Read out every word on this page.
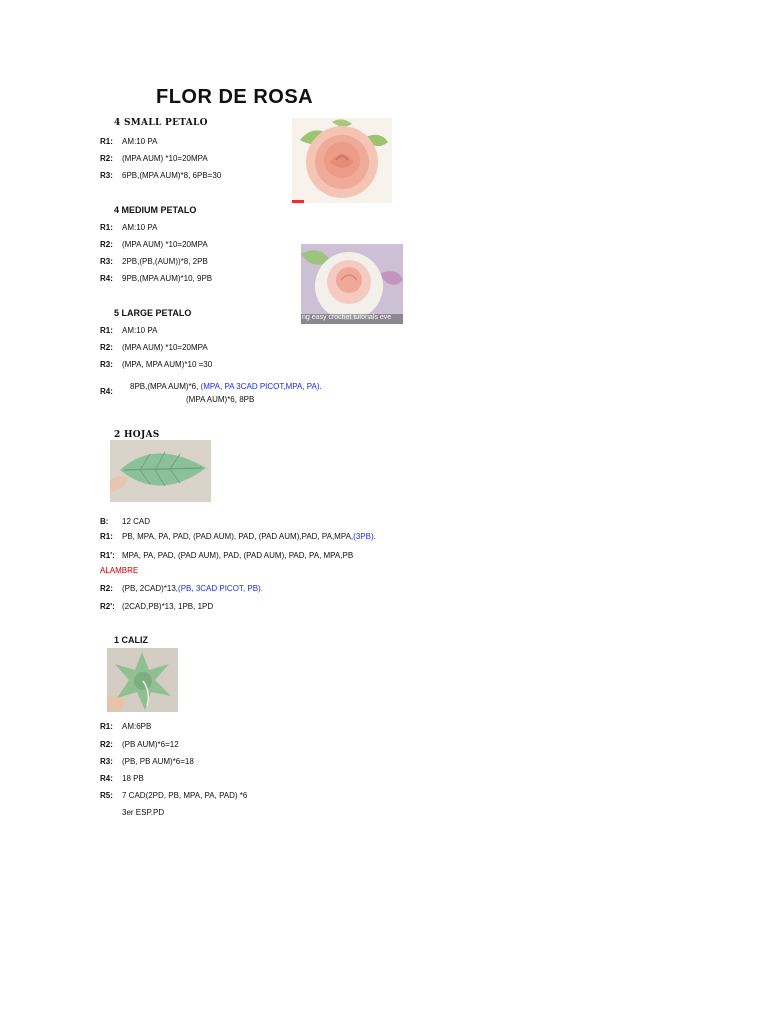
FLOR DE ROSA
4 SMALL PETALO
R1:	AM:10 PA
R2:	(MPA AUM) *10=20MPA
R3:	6PB,(MPA AUM)*8, 6PB=30
4 MEDIUM PETALO
R1:	AM:10 PA
R2:	(MPA AUM) *10=20MPA
R3:	2PB,(PB,(AUM))*8, 2PB
R4:	9PB,(MPA AUM)*10, 9PB
ng easy crochet tutorials eve
5 LARGE PETALO
R1:	AM:10 PA
R2:	(MPA AUM) *10=20MPA
R3:	(MPA, MPA AUM)*10 =30
R4:
8PB,(MPA AUM)*6, (MPA, PA 3CAD PICOT,MPA, PA).
(MPA AUM)*6, 8PB
2 HOJAS
B:	12 CAD
R1:	PB, MPA, PA, PAD, (PAD AUM), PAD, (PAD AUM),PAD, PA,MPA, (3PB).
R1': MPA, PA, PAD, (PAD AUM), PAD, (PAD AUM), PAD, PA, MPA,PB
ALAMBRE
R2:	(PB, 2CAD)*13, (PB, 3CAD PICOT, PB).
R2': (2CAD,PB)*13, 1PB, 1PD
1 CALIZ
R1:	AM:6PB
R2:	(PB AUM)*6=12
R3:	(PB, PB AUM)*6=18
R4:	18 PB
R5:	7 CAD(2PD, PB, MPA, PA, PAD) *6
3er ESP.PD
